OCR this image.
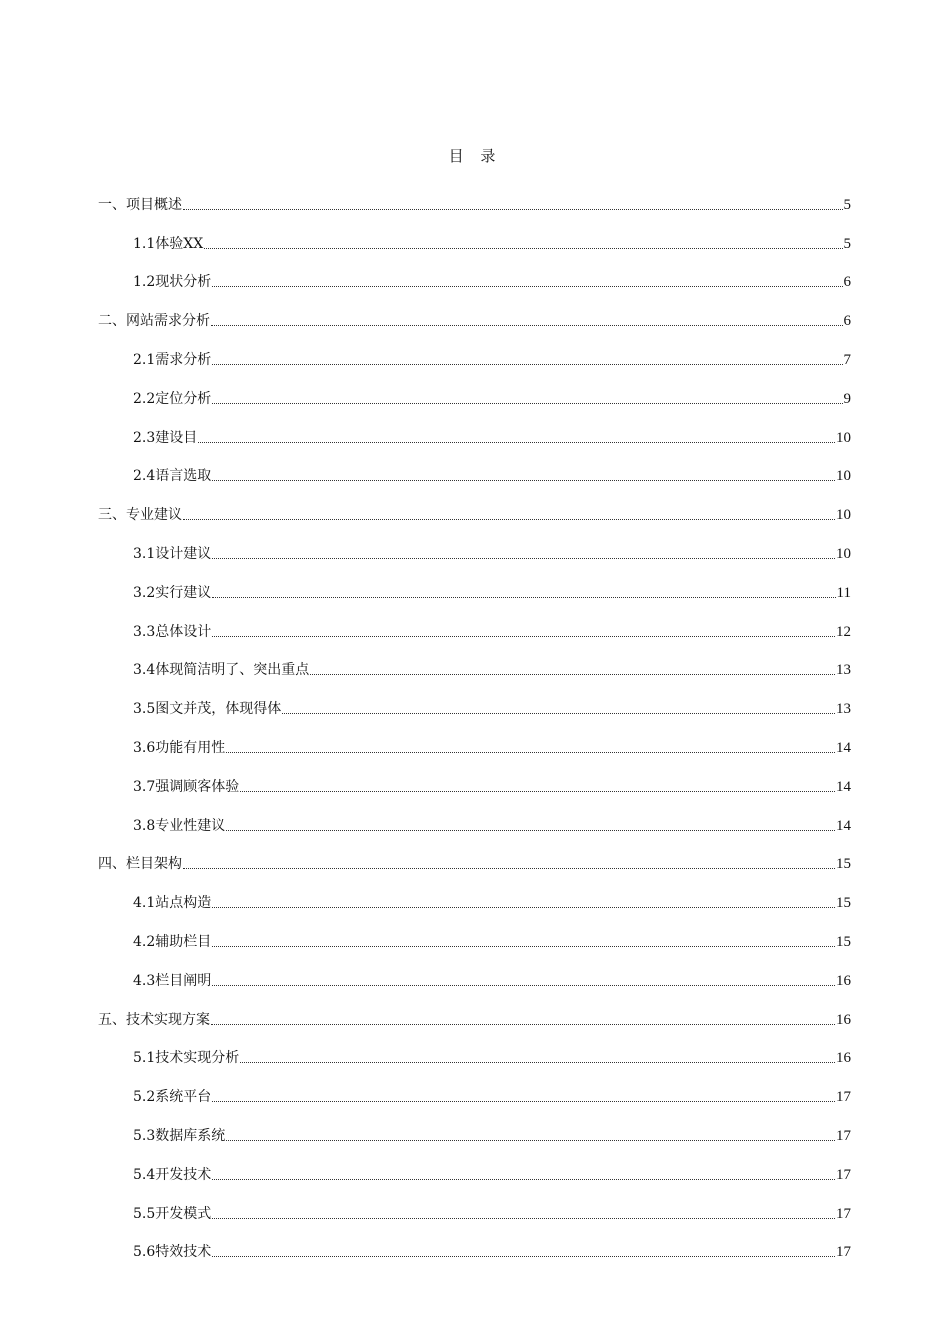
目 录
一、项目概述	5
1.1体验XX	5
1.2现状分析	6
二、网站需求分析	6
2.1需求分析	7
2.2定位分析	9
2.3建设目	10
2.4语言选取	10
三、专业建议	10
3.1设计建议	10
3.2实行建议	11
3.3总体设计	12
3.4体现简洁明了、突出重点	13
3.5图文并茂，体现得体	13
3.6功能有用性	14
3.7强调顾客体验	14
3.8专业性建议	14
四、栏目架构	15
4.1站点构造	15
4.2辅助栏目	15
4.3栏目阐明	16
五、技术实现方案	16
5.1技术实现分析	16
5.2系统平台	17
5.3数据库系统	17
5.4开发技术	17
5.5开发模式	17
5.6特效技术	17
